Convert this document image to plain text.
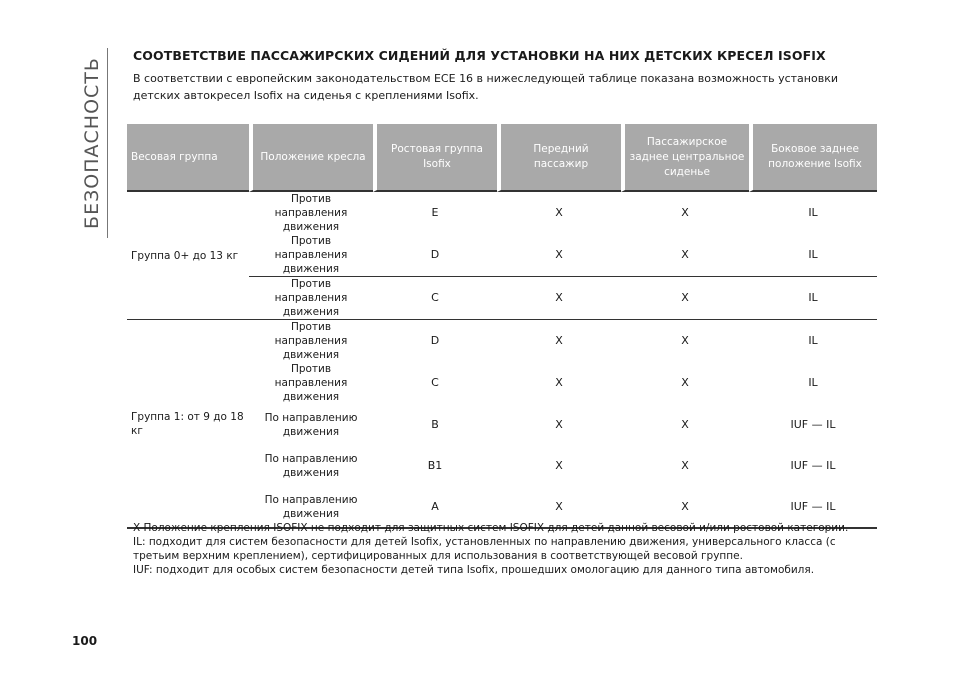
БЕЗОПАСНОСТЬ
СООТВЕТСТВИЕ ПАССАЖИРСКИХ СИДЕНИЙ ДЛЯ УСТАНОВКИ НА НИХ ДЕТСКИХ КРЕСЕЛ ISOFIX
В соответствии с европейским законодательством ЕСЕ 16 в нижеследующей таблице показана возможность установки детских автокресел Isofix на сиденья с креплениями Isofix.
Весовая группа	Положение кресла	Ростовая группа Isofix	Передний пассажир	Пассажирское заднее центральное сиденье	Боковое заднее положение Isofix
Группа 0+ до 13 кг	Против направления движения	E	X	X	IL
	Против направления движения	D	X	X	IL
	Против направления движения	C	X	X	IL
Группа 1: от 9 до 18 кг	Против направления движения	D	X	X	IL
	Против направления движения	C	X	X	IL
	По направлению движения	B	X	X	IUF — IL
	По направлению движения	B1	X	X	IUF — IL
	По направлению движения	A	X	X	IUF — IL

X Положение крепления ISOFIX не подходит для защитных систем ISOFIX для детей данной весовой и/или ростовой категории.

IL: подходит для систем безопасности для детей Isofix, установленных по направлению движения, универсального класса (с третьим верхним креплением), сертифицированных для использования в соответствующей весовой группе.

IUF: подходит для особых систем безопасности детей типа Isofix, прошедших омологацию для данного типа автомобиля.

100
